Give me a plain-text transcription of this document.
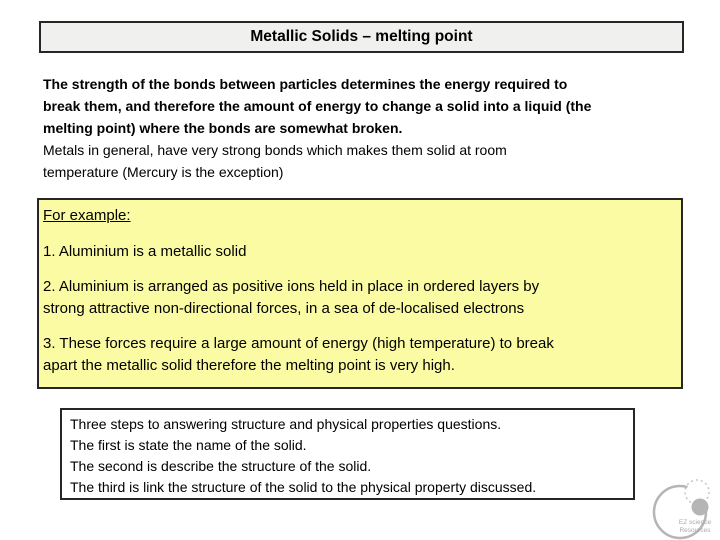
Metallic Solids – melting point
The strength of the bonds between particles determines the energy required to
break them, and therefore the amount of energy to change a solid into a liquid (the
melting point) where the bonds are somewhat broken.
Metals in general, have very strong bonds which makes them solid at room
temperature (Mercury is the exception)
For example:
1. Aluminium is a metallic solid
2. Aluminium is arranged as positive ions held in place in ordered layers by
strong attractive non-directional forces, in a sea of de-localised electrons
3. These forces require a large amount of energy (high temperature) to break
apart the metallic solid therefore the melting point is very high.
Three steps to answering structure and physical properties questions.
The first is state the name of the solid.
The second is describe the structure of the solid.
The third is link the structure of the solid to the physical property discussed.
EZ science
Resources
